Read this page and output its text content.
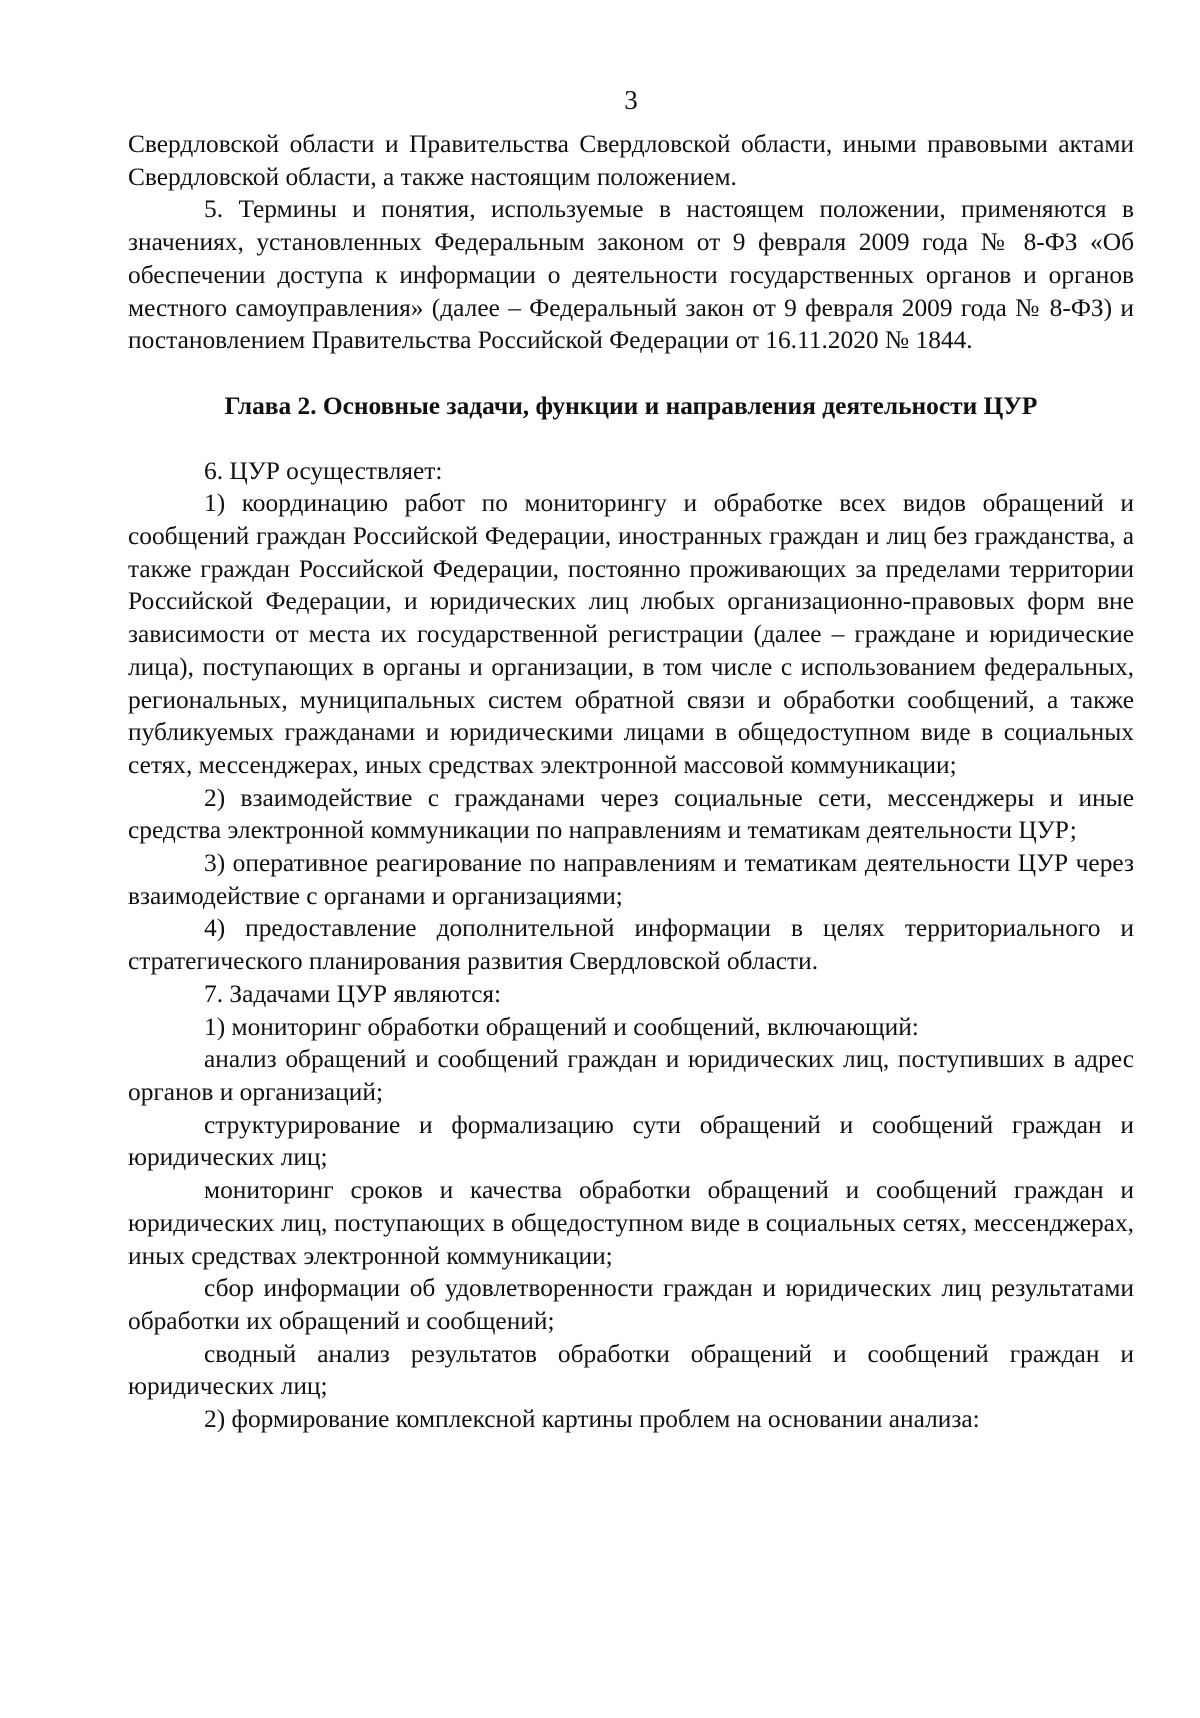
3

Свердловской области и Правительства Свердловской области, иными правовыми актами Свердловской области, а также настоящим положением.

5. Термины и понятия, используемые в настоящем положении, применяются в значениях, установленных Федеральным законом от 9 февраля 2009 года № 8-ФЗ «Об обеспечении доступа к информации о деятельности государственных органов и органов местного самоуправления» (далее – Федеральный закон от 9 февраля 2009 года № 8-ФЗ) и постановлением Правительства Российской Федерации от 16.11.2020 № 1844.

Глава 2. Основные задачи, функции и направления деятельности ЦУР

6. ЦУР осуществляет:

1) координацию работ по мониторингу и обработке всех видов обращений и сообщений граждан Российской Федерации, иностранных граждан и лиц без гражданства, а также граждан Российской Федерации, постоянно проживающих за пределами территории Российской Федерации, и юридических лиц любых организационно-правовых форм вне зависимости от места их государственной регистрации (далее – граждане и юридические лица), поступающих в органы и организации, в том числе с использованием федеральных, региональных, муниципальных систем обратной связи и обработки сообщений, а также публикуемых гражданами и юридическими лицами в общедоступном виде в социальных сетях, мессенджерах, иных средствах электронной массовой коммуникации;

2) взаимодействие с гражданами через социальные сети, мессенджеры и иные средства электронной коммуникации по направлениям и тематикам деятельности ЦУР;

3) оперативное реагирование по направлениям и тематикам деятельности ЦУР через взаимодействие с органами и организациями;

4) предоставление дополнительной информации в целях территориального и стратегического планирования развития Свердловской области.

7. Задачами ЦУР являются:

1) мониторинг обработки обращений и сообщений, включающий:

анализ обращений и сообщений граждан и юридических лиц, поступивших в адрес органов и организаций;

структурирование и формализацию сути обращений и сообщений граждан и юридических лиц;

мониторинг сроков и качества обработки обращений и сообщений граждан и юридических лиц, поступающих в общедоступном виде в социальных сетях, мессенджерах, иных средствах электронной коммуникации;

сбор информации об удовлетворенности граждан и юридических лиц результатами обработки их обращений и сообщений;

сводный анализ результатов обработки обращений и сообщений граждан и юридических лиц;

2) формирование комплексной картины проблем на основании анализа:
